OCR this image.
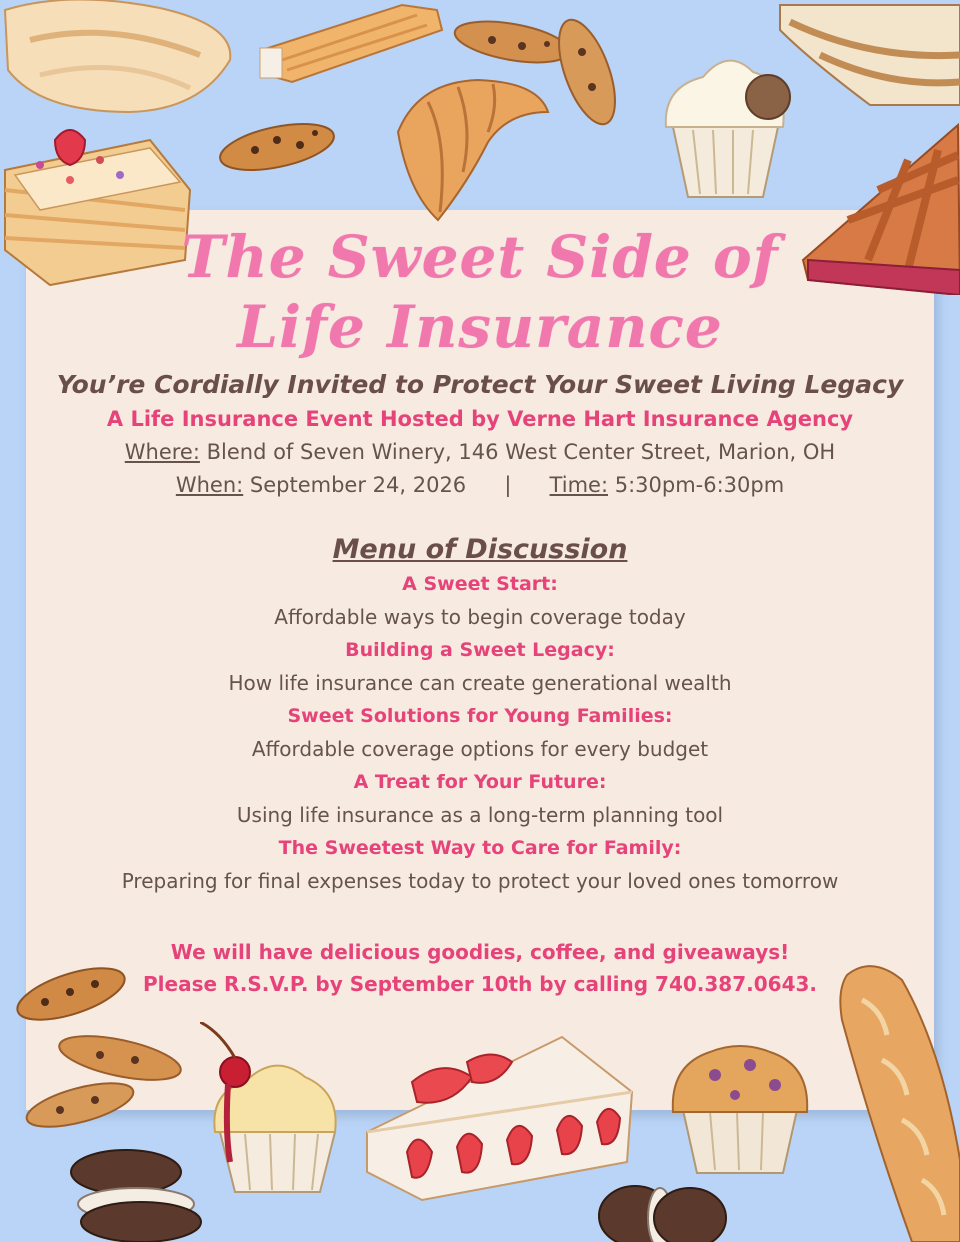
The Sweet Side of
Life Insurance
You’re Cordially Invited to Protect Your Sweet Living Legacy
A Life Insurance Event Hosted by Verne Hart Insurance Agency
Where: Blend of Seven Winery, 146 West Center Street, Marion, OH
When: September 24, 2026 | Time: 5:30pm-6:30pm
Menu of Discussion
A Sweet Start:
Affordable ways to begin coverage today
Building a Sweet Legacy:
How life insurance can create generational wealth
Sweet Solutions for Young Families:
Affordable coverage options for every budget
A Treat for Your Future:
Using life insurance as a long-term planning tool
The Sweetest Way to Care for Family:
Preparing for final expenses today to protect your loved ones tomorrow
We will have delicious goodies, coffee, and giveaways!
Please R.S.V.P. by September 10th by calling 740.387.0643.
